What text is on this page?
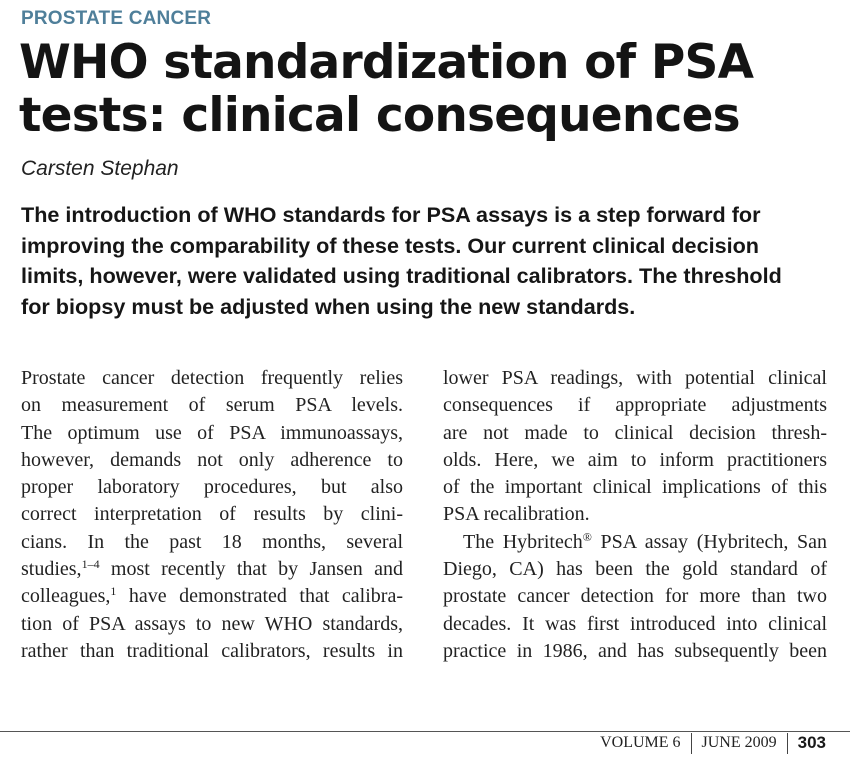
PROSTATE CANCER
WHO standardization of PSA
tests: clinical consequences
Carsten Stephan
The introduction of WHO standards for PSA assays is a step forward for
improving the comparability of these tests. Our current clinical decision
limits, however, were validated using traditional calibrators. The threshold
for biopsy must be adjusted when using the new standards.
Prostate cancer detection frequently relies
on measurement of serum PSA levels.
The optimum use of PSA immunoassays,
however, demands not only adherence to
proper laboratory procedures, but also
correct interpretation of results by clini-
cians. In the past 18 months, several
studies,$^{1-4}$ most recently that by Jansen and
colleagues,$^1$ have demonstrated that calibra-
tion of PSA assays to new WHO standards,
rather than traditional calibrators, results in
lower PSA readings, with potential clinical
consequences if appropriate adjustments
are not made to clinical decision thresh-
olds. Here, we aim to inform practitioners
of the important clinical implications of this
PSA recalibration.
The Hybritech® PSA assay (Hybritech, San
Diego, CA) has been the gold standard of
prostate cancer detection for more than two
decades. It was first introduced into clinical
practice in 1986, and has subsequently been
VOLUME 6 JUNE 2009 303
